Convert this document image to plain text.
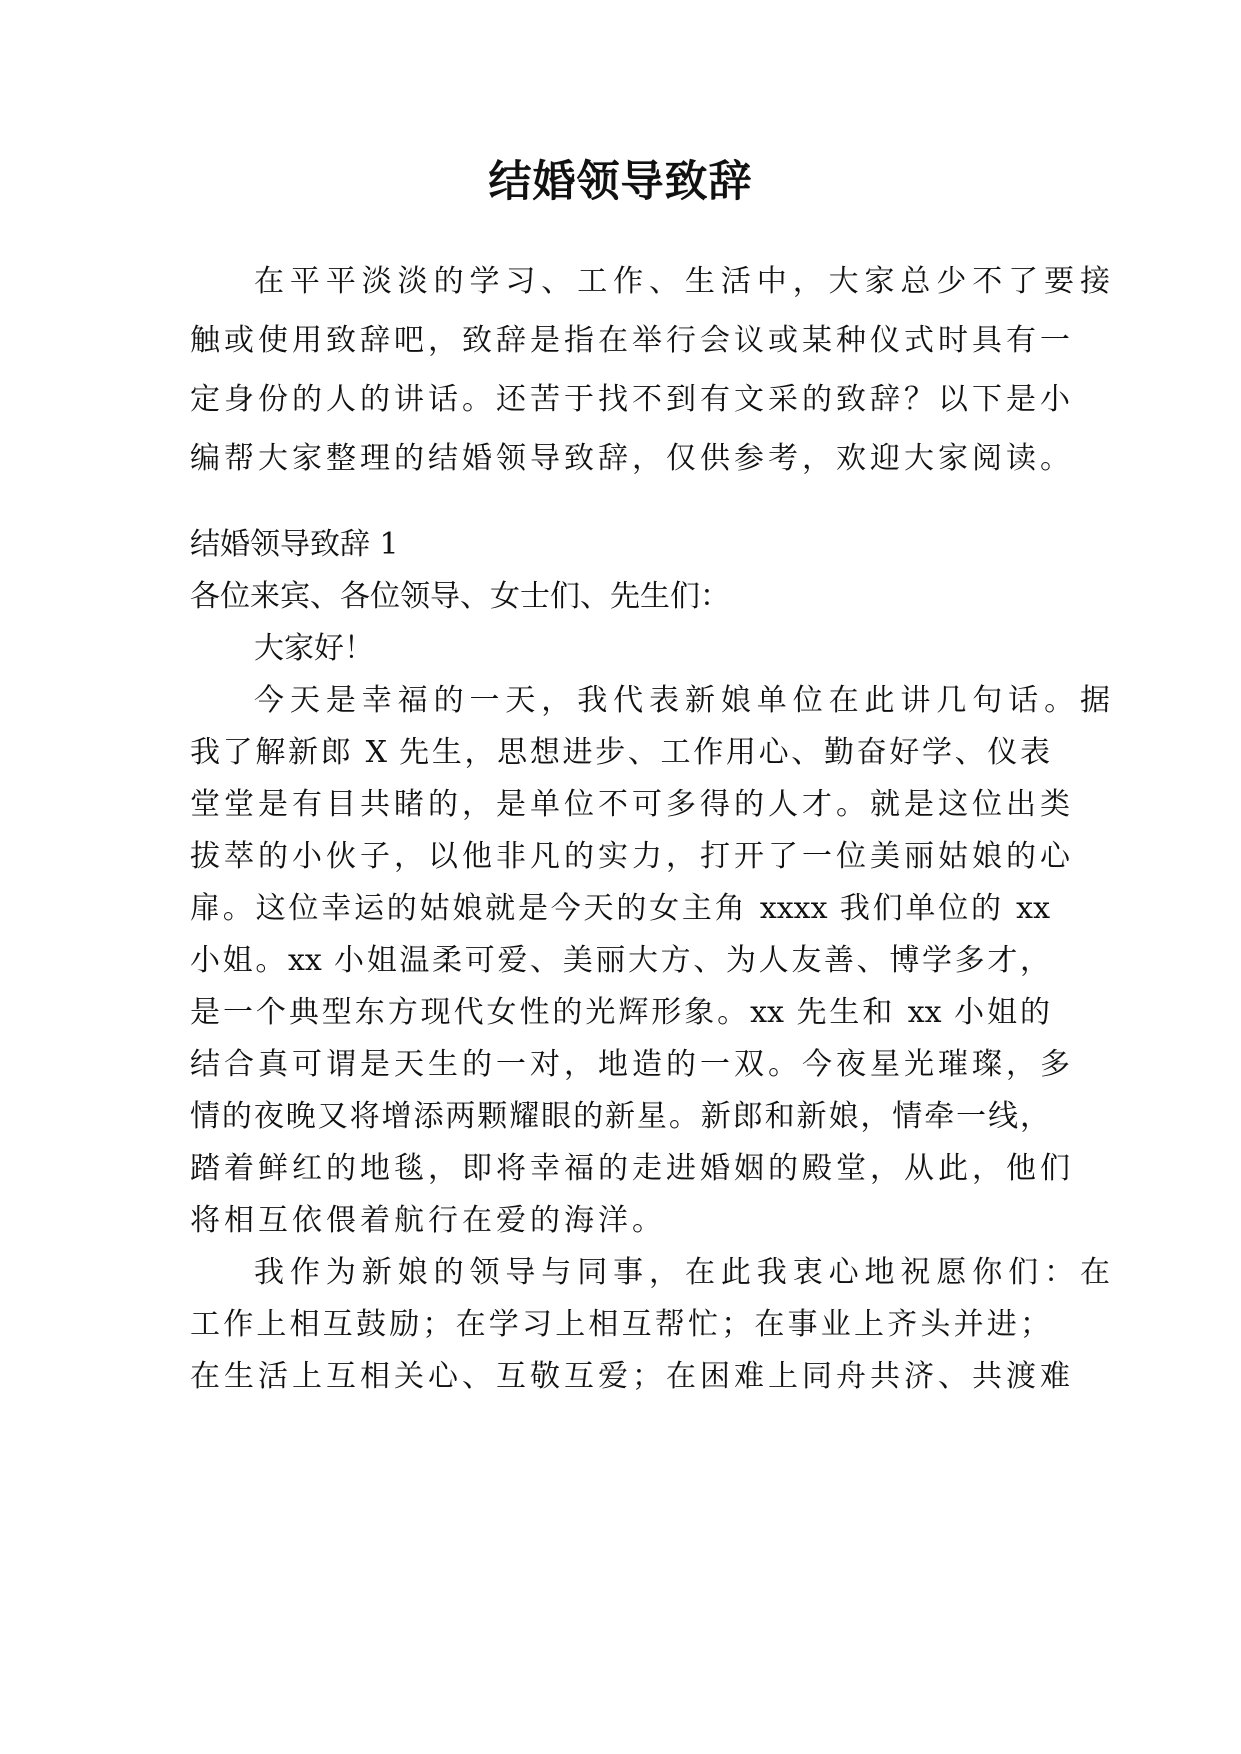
结婚领导致辞
在平平淡淡的学习、工作、生活中，大家总少不了要接
触或使用致辞吧，致辞是指在举行会议或某种仪式时具有一
定身份的人的讲话。还苦于找不到有文采的致辞？以下是小
编帮大家整理的结婚领导致辞，仅供参考，欢迎大家阅读。
结婚领导致辞 1
各位来宾、各位领导、女士们、先生们：
大家好！
今天是幸福的一天，我代表新娘单位在此讲几句话。据
我了解新郎 X 先生，思想进步、工作用心、勤奋好学、仪表
堂堂是有目共睹的，是单位不可多得的人才。就是这位出类
拔萃的小伙子，以他非凡的实力，打开了一位美丽姑娘的心
扉。这位幸运的姑娘就是今天的女主角 xxxx 我们单位的 xx
小姐。xx 小姐温柔可爱、美丽大方、为人友善、博学多才，
是一个典型东方现代女性的光辉形象。xx 先生和 xx 小姐的
结合真可谓是天生的一对，地造的一双。今夜星光璀璨，多
情的夜晚又将增添两颗耀眼的新星。新郎和新娘，情牵一线，
踏着鲜红的地毯，即将幸福的走进婚姻的殿堂，从此，他们
将相互依偎着航行在爱的海洋。
我作为新娘的领导与同事，在此我衷心地祝愿你们：在
工作上相互鼓励；在学习上相互帮忙；在事业上齐头并进；
在生活上互相关心、互敬互爱；在困难上同舟共济、共渡难
